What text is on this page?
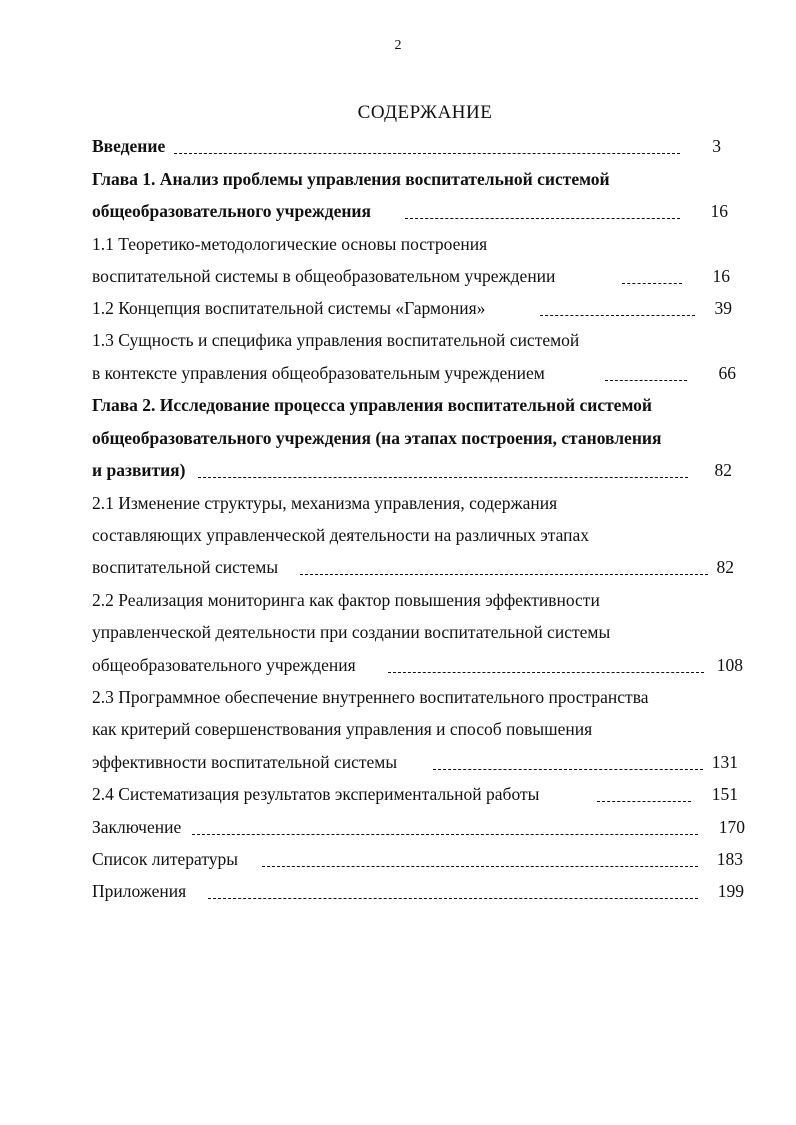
2
СОДЕРЖАНИЕ
Введение	3
Глава 1. Анализ проблемы управления воспитательной системой
общеобразовательного учреждения	16
1.1 Теоретико-методологические основы построения
воспитательной системы в общеобразовательном учреждении	16
1.2 Концепция воспитательной системы «Гармония»	39
1.3 Сущность и специфика управления воспитательной системой
в контексте управления общеобразовательным учреждением	66
Глава 2. Исследование процесса управления воспитательной системой
общеобразовательного учреждения (на этапах построения, становления
и развития)	82
2.1 Изменение структуры, механизма управления, содержания
составляющих управленческой деятельности на различных этапах
воспитательной системы	82
2.2 Реализация мониторинга как фактор повышения эффективности
управленческой деятельности при создании воспитательной системы
общеобразовательного учреждения	108
2.3 Программное обеспечение внутреннего воспитательного пространства
как критерий совершенствования управления и способ повышения
эффективности воспитательной системы	131
2.4 Систематизация результатов экспериментальной работы	151
Заключение	170
Список литературы	183
Приложения	199
